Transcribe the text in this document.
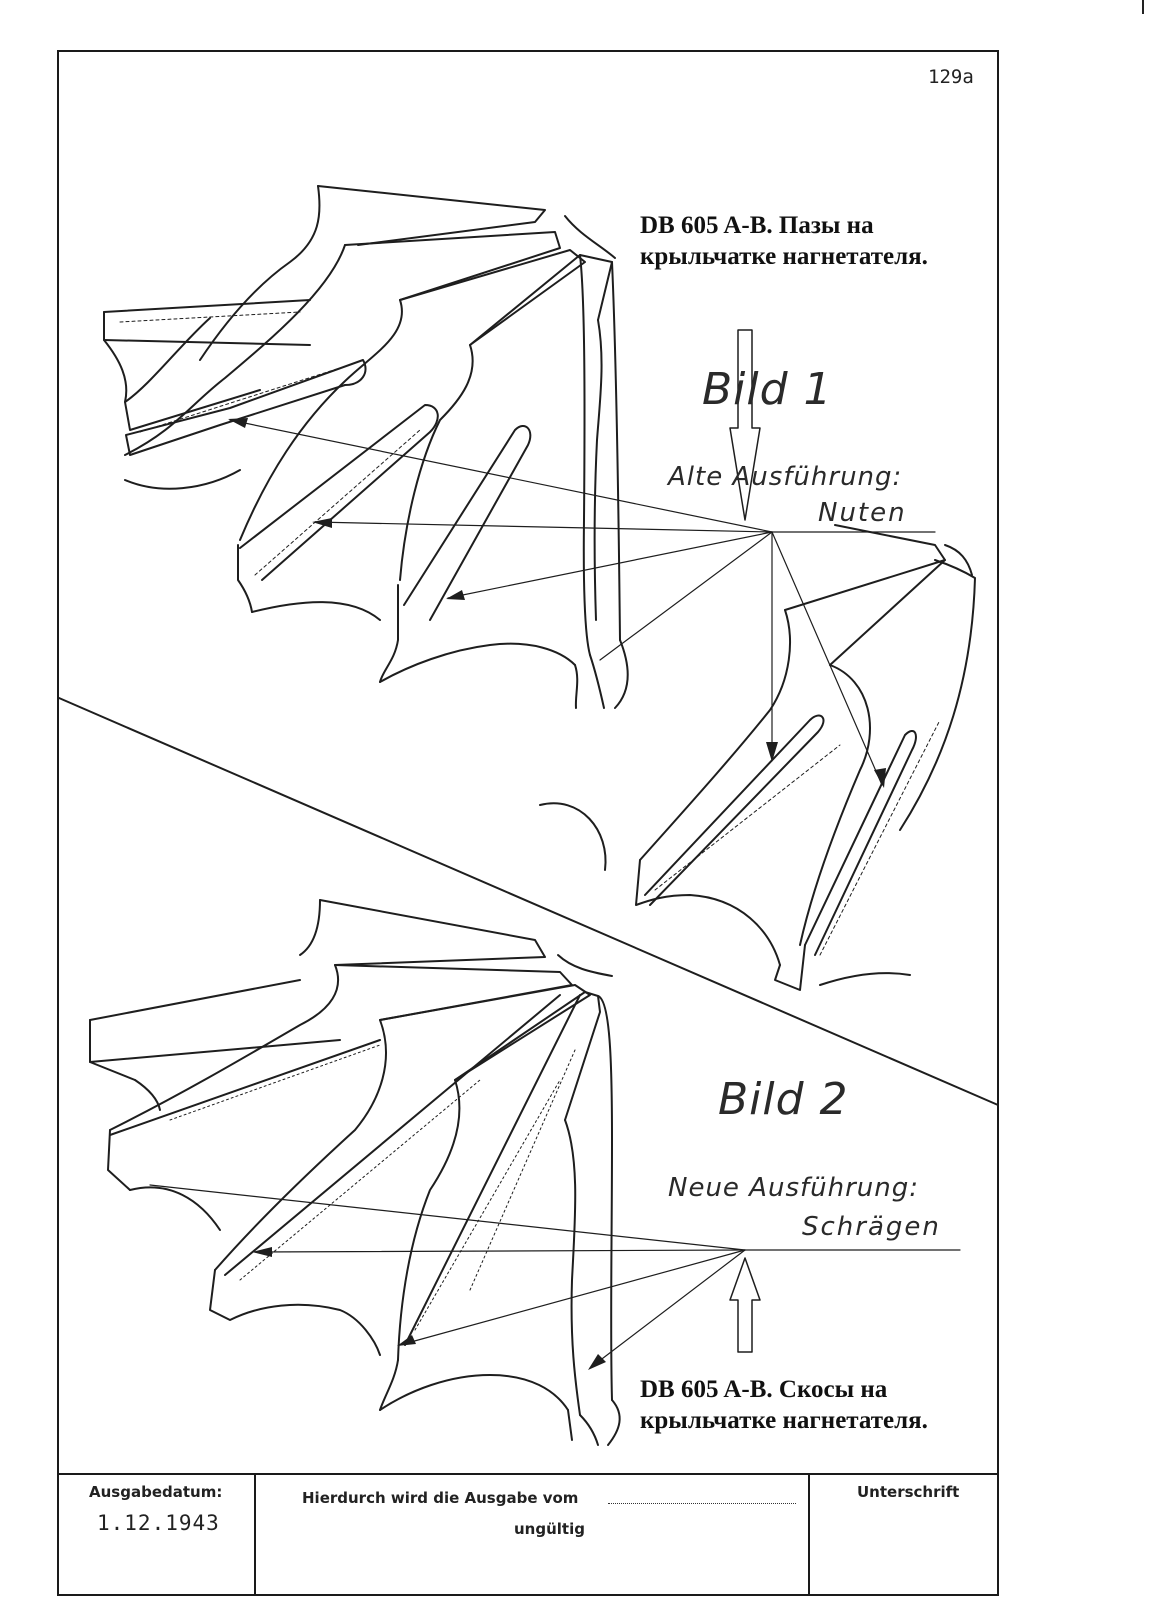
129a
DB 605 A-B. Пазы на
крыльчатке нагнетателя.
Bild 1
Alte Ausführung:
Nuten
Bild 2
Neue Ausführung:
Schrägen
DB 605 A-B. Скосы на
крыльчатке нагнетателя.
Ausgabedatum:
1.12.1943
Hierdurch wird die Ausgabe vom
ungültig
Unterschrift
